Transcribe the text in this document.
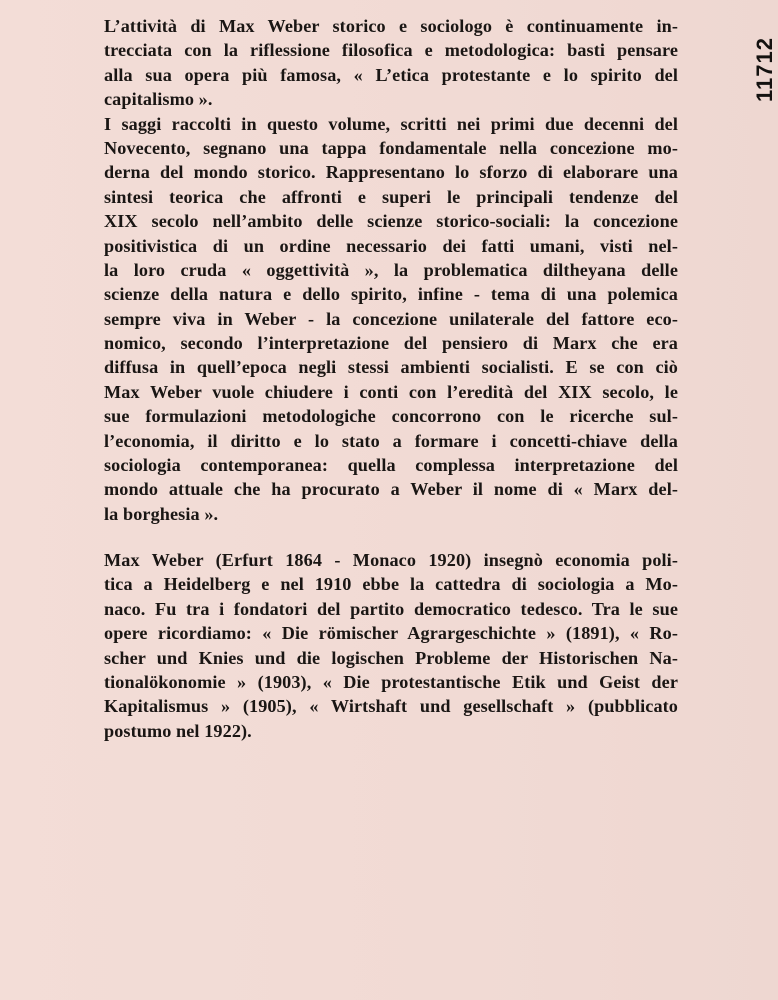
11712
L’attività di Max Weber storico e sociologo è continuamente in-
trecciata con la riflessione filosofica e metodologica: basti pensare
alla sua opera più famosa, « L’etica protestante e lo spirito del
capitalismo ».
I saggi raccolti in questo volume, scritti nei primi due decenni del
Novecento, segnano una tappa fondamentale nella concezione mo-
derna del mondo storico. Rappresentano lo sforzo di elaborare una
sintesi teorica che affronti e superi le principali tendenze del
XIX secolo nell’ambito delle scienze storico-sociali: la concezione
positivistica di un ordine necessario dei fatti umani, visti nel-
la loro cruda « oggettività », la problematica diltheyana delle
scienze della natura e dello spirito, infine - tema di una polemica
sempre viva in Weber - la concezione unilaterale del fattore eco-
nomico, secondo l’interpretazione del pensiero di Marx che era
diffusa in quell’epoca negli stessi ambienti socialisti. E se con ciò
Max Weber vuole chiudere i conti con l’eredità del XIX secolo, le
sue formulazioni metodologiche concorrono con le ricerche sul-
l’economia, il diritto e lo stato a formare i concetti-chiave della
sociologia contemporanea: quella complessa interpretazione del
mondo attuale che ha procurato a Weber il nome di « Marx del-
la borghesia ».
Max Weber (Erfurt 1864 - Monaco 1920) insegnò economia poli-
tica a Heidelberg e nel 1910 ebbe la cattedra di sociologia a Mo-
naco. Fu tra i fondatori del partito democratico tedesco. Tra le sue
opere ricordiamo: « Die römischer Agrargeschichte » (1891), « Ro-
scher und Knies und die logischen Probleme der Historischen Na-
tionalökonomie » (1903), « Die protestantische Etik und Geist der
Kapitalismus » (1905), « Wirtshaft und gesellschaft » (pubblicato
postumo nel 1922).
